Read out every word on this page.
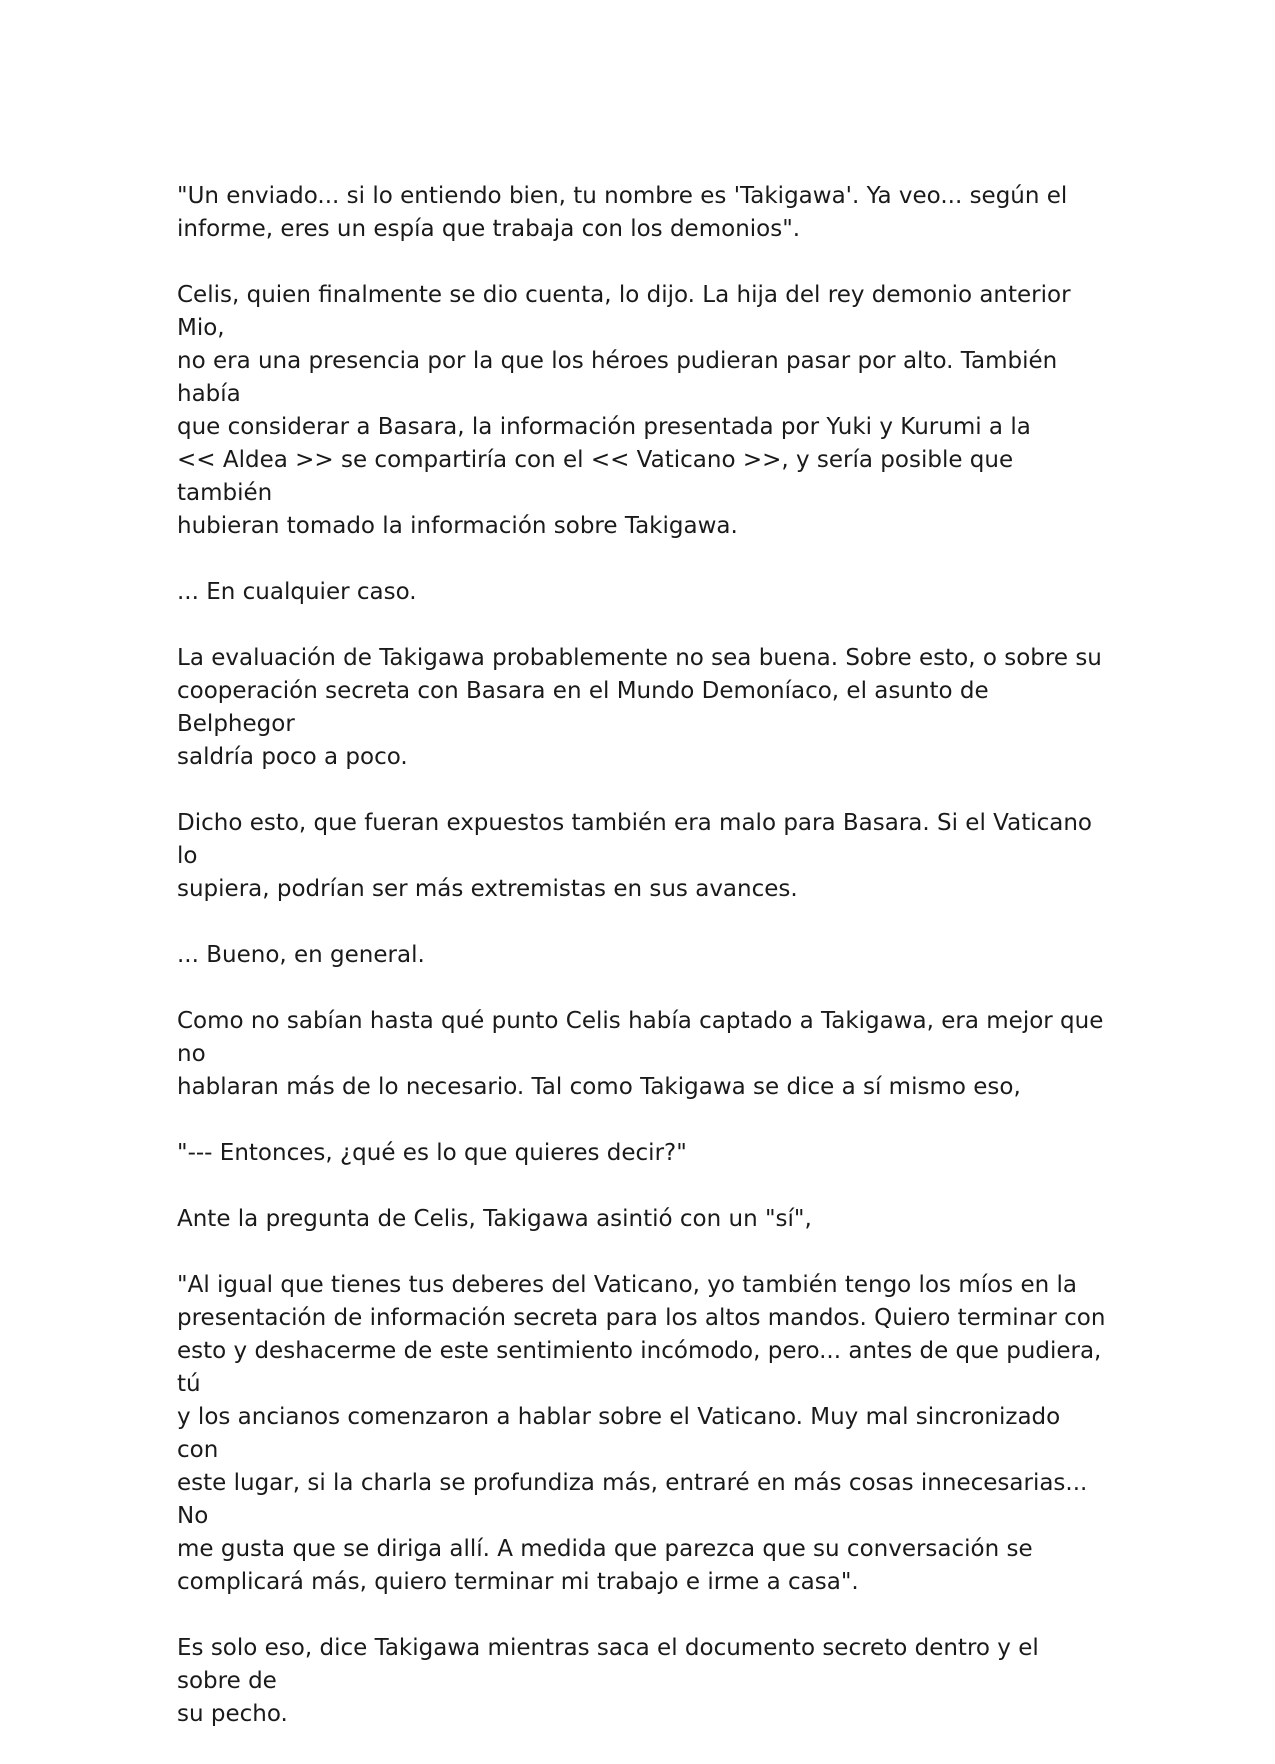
"Un enviado... si lo entiendo bien, tu nombre es 'Takigawa'. Ya veo... según el
informe, eres un espía que trabaja con los demonios".

Celis, quien finalmente se dio cuenta, lo dijo. La hija del rey demonio anterior Mio,
no era una presencia por la que los héroes pudieran pasar por alto. También había
que considerar a Basara, la información presentada por Yuki y Kurumi a la
<< Aldea >> se compartiría con el << Vaticano >>, y sería posible que también
hubieran tomado la información sobre Takigawa.

... En cualquier caso.

La evaluación de Takigawa probablemente no sea buena. Sobre esto, o sobre su
cooperación secreta con Basara en el Mundo Demoníaco, el asunto de Belphegor
saldría poco a poco.

Dicho esto, que fueran expuestos también era malo para Basara. Si el Vaticano lo
supiera, podrían ser más extremistas en sus avances.

... Bueno, en general.

Como no sabían hasta qué punto Celis había captado a Takigawa, era mejor que no
hablaran más de lo necesario. Tal como Takigawa se dice a sí mismo eso,

"--- Entonces, ¿qué es lo que quieres decir?"

Ante la pregunta de Celis, Takigawa asintió con un "sí",

"Al igual que tienes tus deberes del Vaticano, yo también tengo los míos en la
presentación de información secreta para los altos mandos. Quiero terminar con
esto y deshacerme de este sentimiento incómodo, pero... antes de que pudiera, tú
y los ancianos comenzaron a hablar sobre el Vaticano. Muy mal sincronizado con
este lugar, si la charla se profundiza más, entraré en más cosas innecesarias... No
me gusta que se diriga allí. A medida que parezca que su conversación se
complicará más, quiero terminar mi trabajo e irme a casa".

Es solo eso, dice Takigawa mientras saca el documento secreto dentro y el sobre de
su pecho.
